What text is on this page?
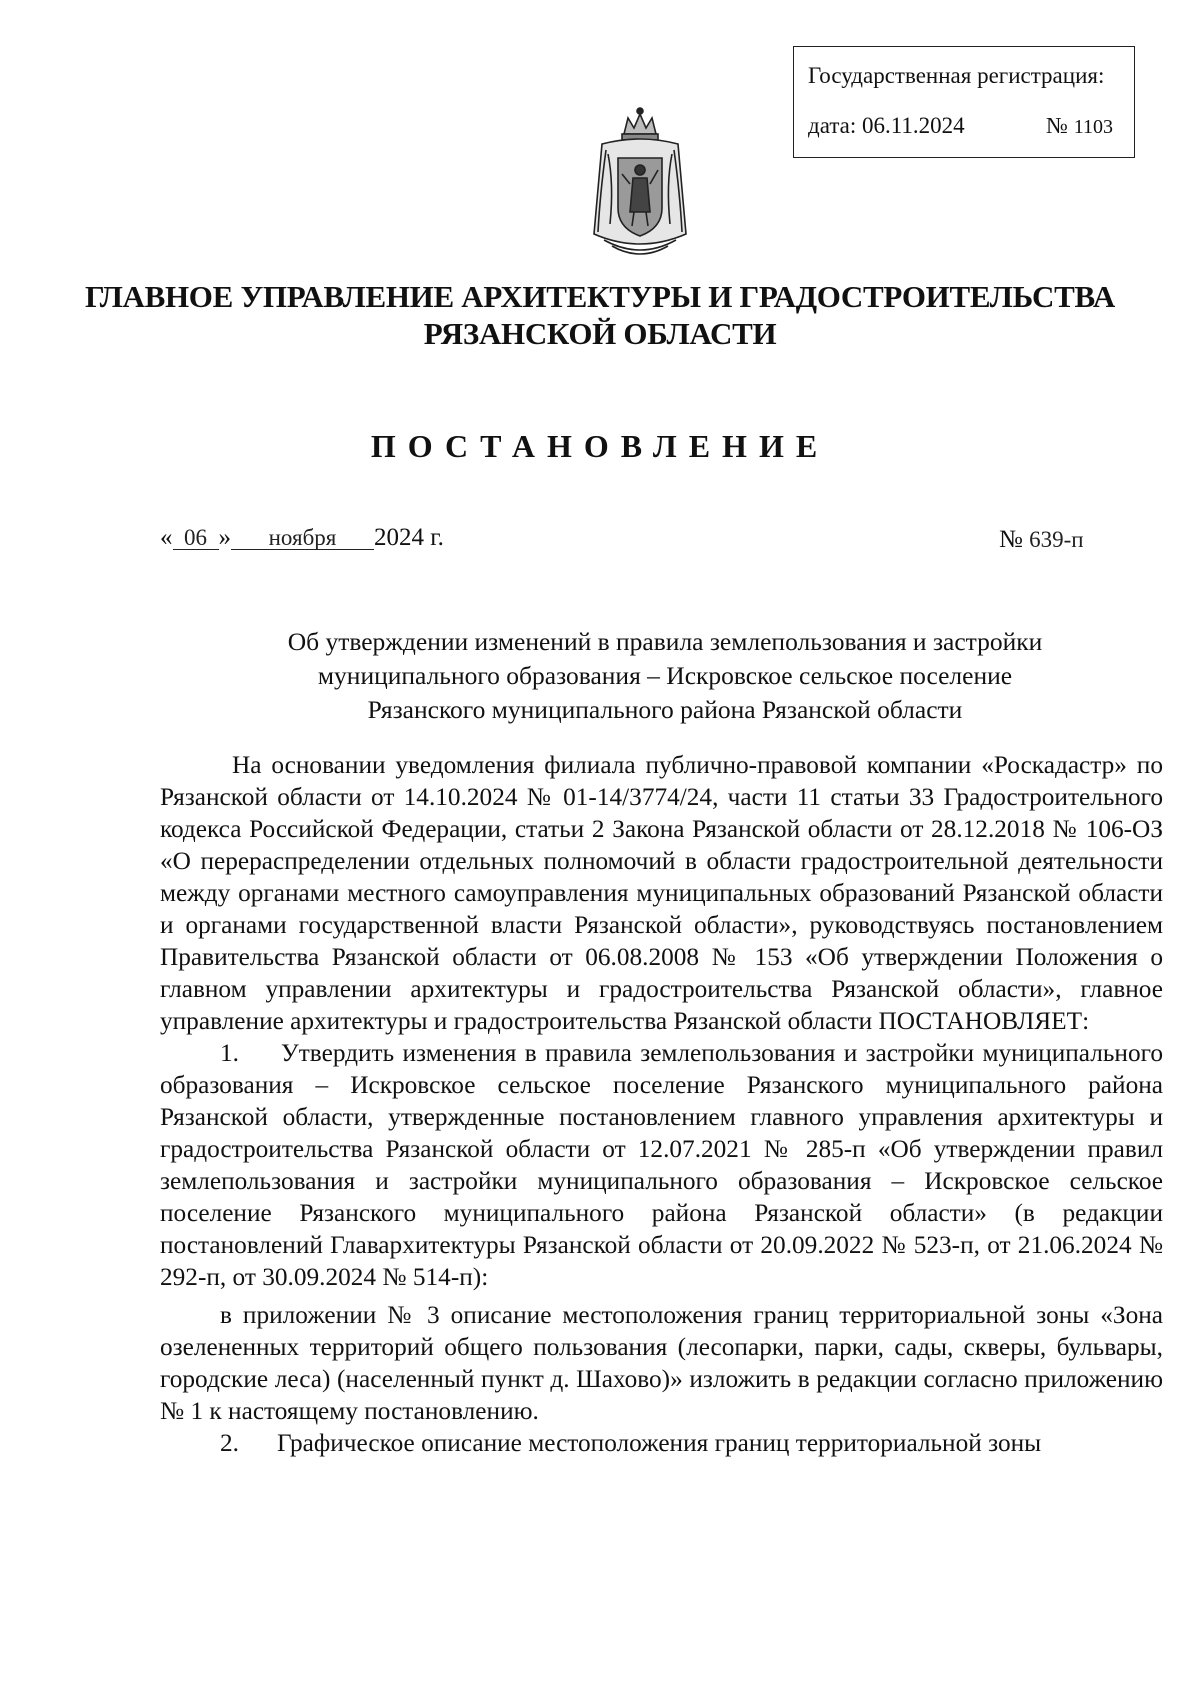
Государственная регистрация:
дата: 06.11.2024	№ 1103
ГЛАВНОЕ УПРАВЛЕНИЕ АРХИТЕКТУРЫ И ГРАДОСТРОИТЕЛЬСТВА
РЯЗАНСКОЙ ОБЛАСТИ
ПОСТАНОВЛЕНИЕ
« 06 » ноября 2024 г.	№ 639-п
Об утверждении изменений в правила землепользования и застройки
муниципального образования – Искровское сельское поселение
Рязанского муниципального района Рязанской области

На основании уведомления филиала публично-правовой компании «Роскадастр» по Рязанской области от 14.10.2024 № 01-14/3774/24, части 11 статьи 33 Градостроительного кодекса Российской Федерации, статьи 2 Закона Рязанской области от 28.12.2018 № 106-ОЗ «О перераспределении отдельных полномочий в области градостроительной деятельности между органами местного самоуправления муниципальных образований Рязанской области и органами государственной власти Рязанской области», руководствуясь постановлением Правительства Рязанской области от 06.08.2008 № 153 «Об утверждении Положения о главном управлении архитектуры и градостроительства Рязанской области», главное управление архитектуры и градостроительства Рязанской области ПОСТАНОВЛЯЕТ:

1. Утвердить изменения в правила землепользования и застройки муниципального образования – Искровское сельское поселение Рязанского муниципального района Рязанской области, утвержденные постановлением главного управления архитектуры и градостроительства Рязанской области от 12.07.2021 № 285-п «Об утверждении правил землепользования и застройки муниципального образования – Искровское сельское поселение Рязанского муниципального района Рязанской области» (в редакции постановлений Главархитектуры Рязанской области от 20.09.2022 № 523-п, от 21.06.2024 № 292-п, от 30.09.2024 № 514-п):

в приложении № 3 описание местоположения границ территориальной зоны «Зона озелененных территорий общего пользования (лесопарки, парки, сады, скверы, бульвары, городские леса) (населенный пункт д. Шахово)» изложить в редакции согласно приложению № 1 к настоящему постановлению.

2. Графическое описание местоположения границ территориальной зоны
